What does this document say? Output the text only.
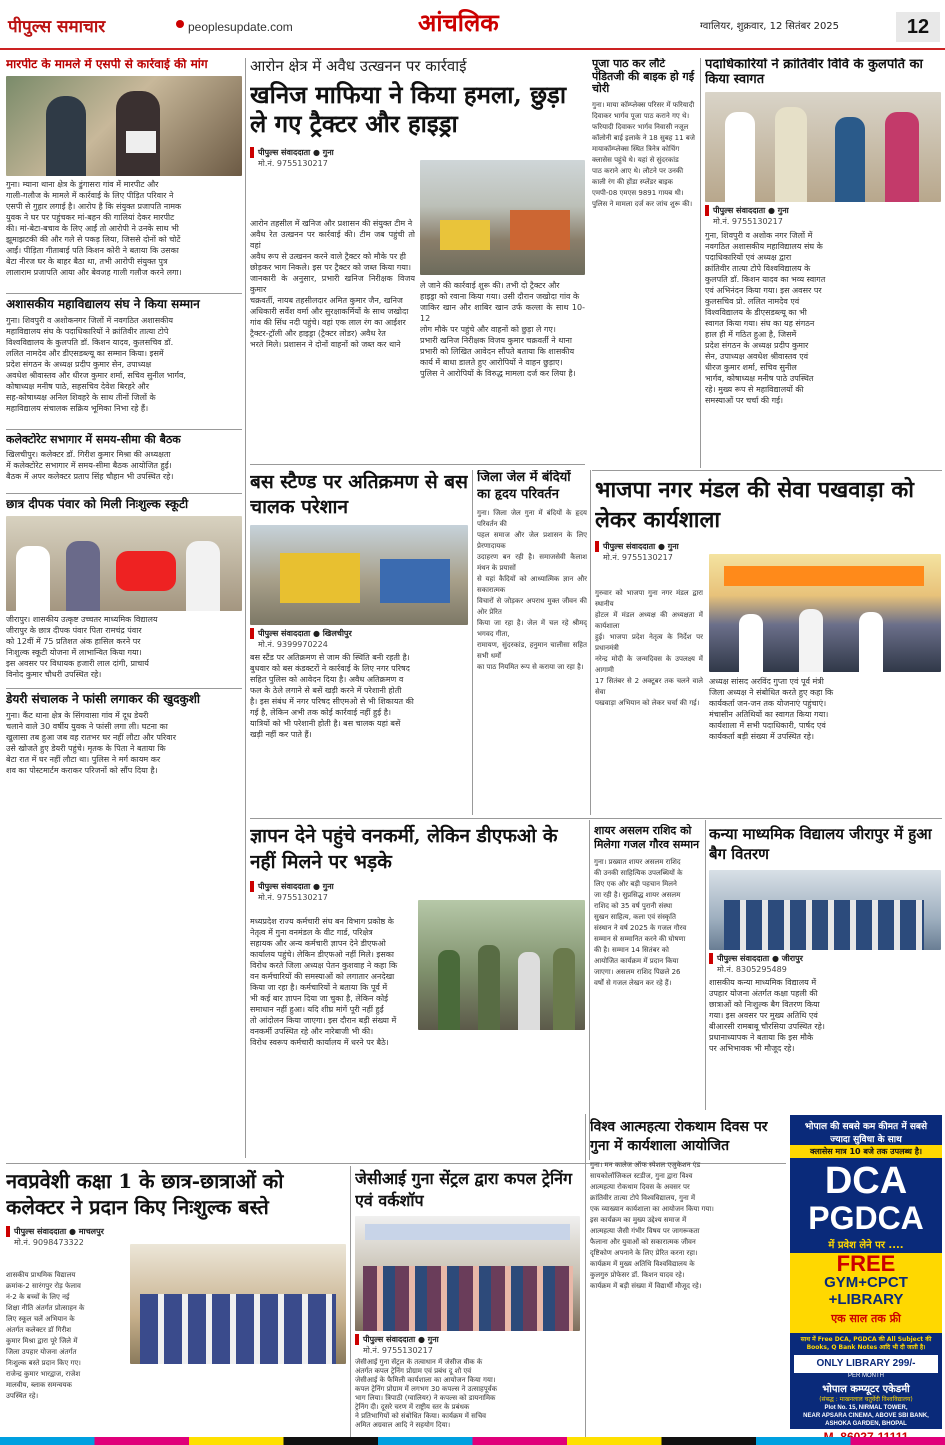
पीपुल्स समाचार	peoplesupdate.com	आंचलिक	ग्वालियर, शुक्रवार, 12 सितंबर 2025	12
मारपीट के मामले में एसपी से कार्रवाई की मांग
गुना। म्याना थाना क्षेत्र के डुंगासरा गांव में मारपीट और
गाली-गलौज के मामले में कार्रवाई के लिए पीड़ित परिवार ने
एसपी से गुहार लगाई है। आरोप है कि संयुक्त प्रजापति नामक
युवक ने घर पर पहुंचकर मां-बहन की गालियां देकर मारपीट
की। मां-बेटा-बचाव के लिए आईं तो आरोपी ने उनके साथ भी
झूमाझटकी की और गले से पकड़ लिया, जिससे दोनों को चोटें
आईं। पीड़िता गीताबाई पति किशन कोरी ने बताया कि उसका
बेटा नीरज घर के बाहर बैठा था, तभी आरोपी संयुक्त पुत्र
लालाराम प्रजापति आया और बेवजह गाली गलौज करने लगा।
अशासकीय महाविद्यालय संघ ने किया सम्मान
गुना। शिवपुरी व अशोकनगर जिलों में नवगठित अशासकीय
महाविद्यालय संघ के पदाधिकारियों ने क्रांतिवीर तात्या टोपे
विश्वविद्यालय के कुलपति डॉ. किशन यादव, कुलसचिव डॉ.
ललित नामदेव और डीएसडब्ल्यू का सम्मान किया। इसमें
प्रदेश संगठन के अध्यक्ष प्रदीप कुमार सेन, उपाध्यक्ष
अवधेश श्रीवास्तव और धीरज कुमार शर्मा, सचिव सुनील भार्गव,
कोषाध्यक्ष मनीष पाठे, सहसचिव देवेश बिरहरे और
सह-कोषाध्यक्ष अनिल शिवहरे के साथ तीनों जिलों के
महाविद्यालय संचालक सक्रिय भूमिका निभा रहे हैं।
कलेक्टोरेट सभागार में समय-सीमा की बैठक
खिलचीपुर। कलेक्टर डॉ. गिरीश कुमार मिश्रा की अध्यक्षता
में कलेक्टोरेट सभागार में समय-सीमा बैठक आयोजित हुई।
बैठक में अपर कलेक्टर प्रताप सिंह चौहान भी उपस्थित रहे।
छात्र दीपक पंवार को मिली निःशुल्क स्कूटी
जीरापुर। शासकीय उत्कृष्ट उच्चतर माध्यमिक विद्यालय
जीरापुर के छात्र दीपक पंवार पिता रामचंद्र पंवार
को 12वीं में 75 प्रतिशत अंक हासिल करने पर
निःशुल्क स्कूटी योजना में लाभान्वित किया गया।
इस अवसर पर विधायक हजारी लाल दांगी, प्राचार्य
विनोद कुमार चौधरी उपस्थित रहे।
डेयरी संचालक ने फांसी लगाकर की खुदकुशी
गुना। कैंट थाना क्षेत्र के सिंगवासा गांव में दूध डेयरी
चलाने वाले 30 वर्षीय युवक ने फांसी लगा ली। घटना का
खुलासा तब हुआ जब वह रातभर घर नहीं लौटा और परिवार
उसे खोजते हुए डेयरी पहुंचे। मृतक के पिता ने बताया कि
बेटा रात में घर नहीं लौटा था। पुलिस ने मर्ग कायम कर
शव का पोस्टमार्टम कराकर परिजनों को सौंप दिया है।
आरोन क्षेत्र में अवैध उत्खनन पर कार्रवाई
खनिज माफिया ने किया हमला, छुड़ा ले गए ट्रैक्टर और हाइड्रा
पीपुल्स संवाददाता ● गुना
मो.नं. 9755130217
आरोन तहसील में खनिज और प्रशासन की संयुक्त टीम ने
अवैध रेत उत्खनन पर कार्रवाई की। टीम जब पहुंची तो वहां
अवैध रूप से उत्खनन करने वाले ट्रैक्टर को मौके पर ही
छोड़कर भाग निकले। इस पर ट्रैक्टर को जब्त किया गया।
जानकारी के अनुसार, प्रभारी खनिज निरीक्षक विजय कुमार
चक्रवर्ती, नायब तहसीलदार अमित कुमार जैन, खनिज
अधिकारी सर्वेश वर्मा और सुरक्षाकर्मियों के साथ जखोदा
गांव की सिंध नदी पहुंचे। वहां एक लाल रंग का आईशर
ट्रैक्टर-ट्रॉली और हाइड्रा (ट्रैक्टर लोडर) अवैध रेत
भरते मिले। प्रशासन ने दोनों वाहनों को जब्त कर थाने
ले जाने की कार्रवाई शुरू की। तभी दो ट्रैक्टर और
हाइड्रा को रवाना किया गया। उसी दौरान जखोदा गांव के
जाकिर खान और शाबिर खान उर्फ कल्ला के साथ 10-12
लोग मौके पर पहुंचे और वाहनों को छुड़ा ले गए।
प्रभारी खनिज निरीक्षक विजय कुमार चक्रवर्ती ने थाना
प्रभारी को लिखित आवेदन सौंपते बताया कि शासकीय
कार्य में बाधा डालते हुए आरोपियों ने वाहन छुड़ाए।
पुलिस ने आरोपियों के विरुद्ध मामला दर्ज कर लिया है।
पूजा पाठ कर लौटे पंडितजी की बाइक हो गई चोरी
गुना। माया कॉम्प्लेक्स परिसर में फरियादी
दिवाकर भार्गव पूजा पाठ कराने गए थे।
फरियादी दिवाकर भार्गव निवासी नजूल
कॉलोनी बाई इलाके ने 18 सुबह 11 बजे
मायाकॉम्प्लेक्स स्थित त्रिनेत्र कोचिंग
क्लासेस पहुंचे थे। यहां से सुंदरकांड
पाठ कराने आए थे। लौटने पर उनकी
काली रंग की होंडा स्प्लेंडर बाइक
एमपी-08 एमएस 9891 गायब थी।
पुलिस ने मामला दर्ज कर जांच शुरू की।
पदाधिकारियों ने क्रांतिवीर विवि के कुलपति का किया स्वागत
पीपुल्स संवाददाता ● गुना
मो.नं. 9755130217
गुना, शिवपुरी व अशोक नगर जिलों में
नवगठित अशासकीय महाविद्यालय संघ के
पदाधिकारियों एवं अध्यक्ष द्वारा
क्रांतिवीर तात्या टोपे विश्वविद्यालय के
कुलपति डॉ. किशन यादव का भव्य स्वागत
एवं अभिनंदन किया गया। इस अवसर पर
कुलसचिव प्रो. ललित नामदेव एवं
विश्वविद्यालय के डीएसडब्ल्यू का भी
स्वागत किया गया। संघ का यह संगठन
हाल ही में गठित हुआ है, जिसमें
प्रदेश संगठन के अध्यक्ष प्रदीप कुमार
सेन, उपाध्यक्ष अवधेश श्रीवास्तव एवं
धीरज कुमार शर्मा, सचिव सुनील
भार्गव, कोषाध्यक्ष मनीष पाठे उपस्थित
रहे। मुख्य रूप से महाविद्यालयों की
समस्याओं पर चर्चा की गई।
बस स्टैण्ड पर अतिक्रमण से बस चालक परेशान
पीपुल्स संवाददाता ● खिलचीपुर
मो.नं. 9399970224
बस स्टैंड पर अतिक्रमण से जाम की स्थिति बनी रहती है।
बुधवार को बस कंडक्टरों ने कार्रवाई के लिए नगर परिषद
सहित पुलिस को आवेदन दिया है। अवैध अतिक्रमण व
फल के ठेले लगाने से बसें खड़ी करने में परेशानी होती
है। इस संबंध में नगर परिषद सीएमओ से भी शिकायत की
गई है, लेकिन अभी तक कोई कार्रवाई नहीं हुई है।
यात्रियों को भी परेशानी होती है। बस चालक यहां बसें
खड़ी नहीं कर पाते हैं।
जिला जेल में बंदियों का हृदय परिवर्तन
गुना। जिला जेल गुना में बंदियों के हृदय परिवर्तन की
पहल समाज और जेल प्रशासन के लिए प्रेरणादायक
उदाहरण बन रही है। समाजसेवी कैलाश मंथन के प्रयासों
से यहां कैदियों को आध्यात्मिक ज्ञान और सकारात्मक
विचारों से जोड़कर अपराध मुक्त जीवन की ओर प्रेरित
किया जा रहा है। जेल में चल रहे श्रीमद् भगवद गीता,
रामायण, सुंदरकांड, हनुमान चालीसा सहित सभी धर्मों
का पाठ नियमित रूप से कराया जा रहा है।
भाजपा नगर मंडल की सेवा पखवाड़ा को लेकर कार्यशाला
पीपुल्स संवाददाता ● गुना
मो.नं. 9755130217
गुरुवार को भाजपा गुना नगर मंडल द्वारा स्थानीय
होटल में मंडल अध्यक्ष की अध्यक्षता में कार्यशाला
हुई। भाजपा प्रदेश नेतृत्व के निर्देश पर प्रधानमंत्री
नरेन्द्र मोदी के जन्मदिवस के उपलक्ष्य में आगामी
17 सितंबर से 2 अक्टूबर तक चलने वाले सेवा
पखवाड़ा अभियान को लेकर चर्चा की गई।
अध्यक्ष सांसद अरविंद गुप्ता एवं पूर्व मंत्री
जिला अध्यक्ष ने संबोधित करते हुए कहा कि
कार्यकर्ता जन-जन तक योजनाएं पहुंचाएं।
मंचासीन अतिथियों का स्वागत किया गया।
कार्यशाला में सभी पदाधिकारी, पार्षद एवं
कार्यकर्ता बड़ी संख्या में उपस्थित रहे।
ज्ञापन देने पहुंचे वनकर्मी, लेकिन डीएफओ के नहीं मिलने पर भड़के
पीपुल्स संवाददाता ● गुना
मो.नं. 9755130217
मध्यप्रदेश राज्य कर्मचारी संघ बन विभाग प्रकोष्ठ के
नेतृत्व में गुना वनमंडल के वीट गार्ड, परिक्षेत्र
सहायक और अन्य कर्मचारी ज्ञापन देने डीएफओ
कार्यालय पहुंचे। लेकिन डीएफओ नहीं मिले। इसका
विरोध करते जिला अध्यक्ष पेतन कुशवाह ने कहा कि
वन कर्मचारियों की समस्याओं को लगातार अनदेखा
किया जा रहा है। कर्मचारियों ने बताया कि पूर्व में
भी कई बार ज्ञापन दिया जा चुका है, लेकिन कोई
समाधान नहीं हुआ। यदि शीघ्र मांगें पूरी नहीं हुईं
तो आंदोलन किया जाएगा। इस दौरान बड़ी संख्या में
वनकर्मी उपस्थित रहे और नारेबाजी भी की।
विरोध स्वरूप कर्मचारी कार्यालय में धरने पर बैठे।
शायर असलम राशिद को मिलेगा गजल गौरव सम्मान
गुना। प्रख्यात शायर असलम राशिद
की उनकी साहित्यिक उपलब्धियों के
लिए एक और बड़ी पहचान मिलने
जा रही है। सुप्रसिद्ध शायर असलम
राशिद को 35 वर्ष पुरानी संस्था
सुखन साहित्य, कला एवं संस्कृति
संस्थान ने वर्ष 2025 के गजल गौरव
सम्मान से सम्मानित करने की घोषणा
की है। सम्मान 14 सितंबर को
आयोजित कार्यक्रम में प्रदान किया
जाएगा। असलम राशिद पिछले 26
वर्षों से गजल लेखन कर रहे हैं।
कन्या माध्यमिक विद्यालय जीरापुर में हुआ बैग वितरण
पीपुल्स संवाददाता ● जीरापुर
मो.नं. 8305295489
शासकीय कन्या माध्यमिक विद्यालय में
उपहार योजना अंतर्गत कक्षा पहली की
छात्राओं को निःशुल्क बैग वितरण किया
गया। इस अवसर पर मुख्य अतिथि एवं
बीआरसी रामबाबू चौरसिया उपस्थित रहे।
प्रधानाध्यापक ने बताया कि इस मौके
पर अभिभावक भी मौजूद रहे।
नवप्रवेशी कक्षा 1 के छात्र-छात्राओं को कलेक्टर ने प्रदान किए निःशुल्क बस्ते
पीपुल्स संवाददाता ● माचलपुर
मो.नं. 9098473322
शासकीय प्राथमिक विद्यालय
क्रमांक-2 सारंगपुर रोड़ फेलाव
नं-2 के बच्चों के लिए नई
शिक्षा नीति अंतर्गत प्रोत्साहन के
लिए स्कूल चलें अभियान के
अंतर्गत कलेक्टर डॉ गिरीश
कुमार मिश्रा द्वारा पूरे जिले में
जिला उपहार योजना अंतर्गत
निःशुल्क बस्ते प्रदान किए गए।
राजेन्द्र कुमार भारद्वाज, राजेश
मालवीय, ब्लाक समन्वयक
उपस्थित रहे।
जेसीआई गुना सेंट्रल द्वारा कपल ट्रेनिंग एवं वर्कशॉप
पीपुल्स संवाददाता ● गुना
मो.नं. 9755130217
जेसीआई गुना सेंट्रल के तत्वाधान में जेसीज वीक के
अंतर्गत कपल ट्रेनिंग प्रोग्राम एवं प्रबंध दू शो एवं
जेसीआई के फैमिली कार्यशाला का आयोजन किया गया।
कपल ट्रेनिंग प्रोग्राम में लगभग 30 कपल्स ने उत्साहपूर्वक
भाग लिया। त्रिपाठी (ग्वालियर) ने कपल्स को डायनामिक
ट्रेनिंग दी। दूसरे चरण में राष्ट्रीय स्तर के प्रबंधक
ने प्रतिभागियों को संबोधित किया। कार्यक्रम में सचिव
अमित अग्रवाल आदि ने सहयोग दिया।
विश्व आत्महत्या रोकथाम दिवस पर गुना में कार्यशाला आयोजित
गुना। मन कालेज ऑफ स्पेशल एजुकेशन एंड
सायकोलॉजिकल स्टडीज, गुना द्वारा विश्व
आत्महत्या रोकथाम दिवस के अवसर पर
क्रांतिवीर तात्या टोपे विश्वविद्यालय, गुना में
एक व्याख्यान कार्यशाला का आयोजन किया गया।
इस कार्यक्रम का मुख्य उद्देश्य समाज में
आत्महत्या जैसी गंभीर विषय पर जागरूकता
फैलाना और युवाओं को सकारात्मक जीवन
दृष्टिकोण अपनाने के लिए प्रेरित करना रहा।
कार्यक्रम में मुख्य अतिथि विश्वविद्यालय के
कुलगुरु प्रोफेसर डॉ. किशन यादव रहे।
कार्यक्रम में बड़ी संख्या में विद्यार्थी मौजूद रहे।
भोपाल की सबसे कम कीमत में सबसे ज्यादा सुविधा के साथ
क्लासेस मात्र 10 बजे तक उपलब्ध है।
DCA
PGDCA
में प्रवेश लेने पर ....
FREE
GYM+CPCT
+LIBRARY
एक साल तक फ्री
साथ में Free DCA, PGDCA की All Subject की Books, Q Bank Notes आदि भी दी जाती है।
ONLY LIBRARY 299/-
PER MONTH
भोपाल कम्प्यूटर एकेडमी
(संबद्ध : माखनलाल चतुर्वेदी विश्वविद्यालय)
Plot No. 15, NIRMAL TOWER,
NEAR APSARA CINEMA, ABOVE SBI BANK,
ASHOKA GARDEN, BHOPAL
